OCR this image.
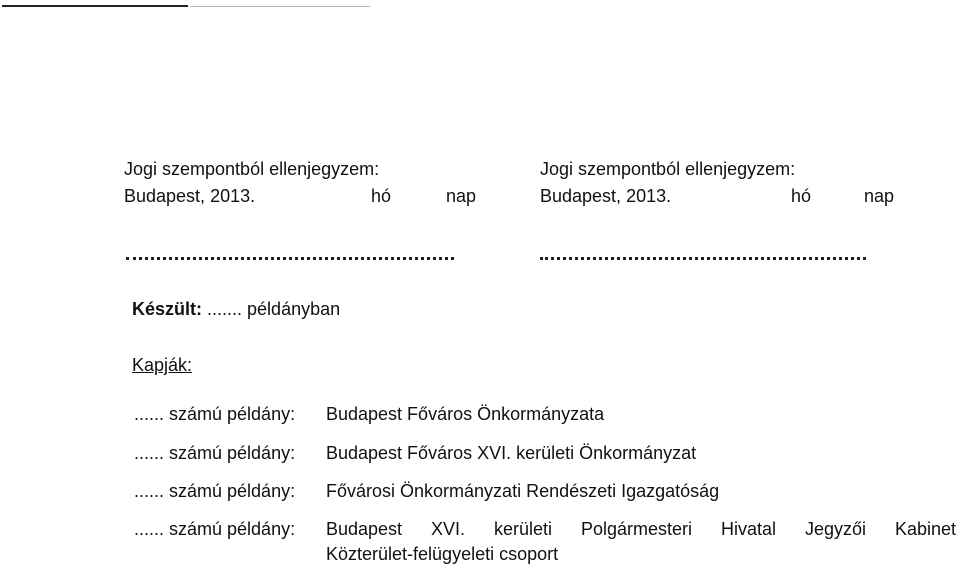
Jogi szempontból ellenjegyzem:
Budapest, 2013.	hó	nap
Jogi szempontból ellenjegyzem:
Budapest, 2013.	hó	nap
Készült: ....... példányban
Kapják:
...... számú példány: Budapest Főváros Önkormányzata
...... számú példány: Budapest Főváros XVI. kerületi Önkormányzat
...... számú példány: Fővárosi Önkormányzati Rendészeti Igazgatóság
...... számú példány: Budapest XVI. kerületi Polgármesteri Hivatal Jegyzői Kabinet
Közterület-felügyeleti csoport
